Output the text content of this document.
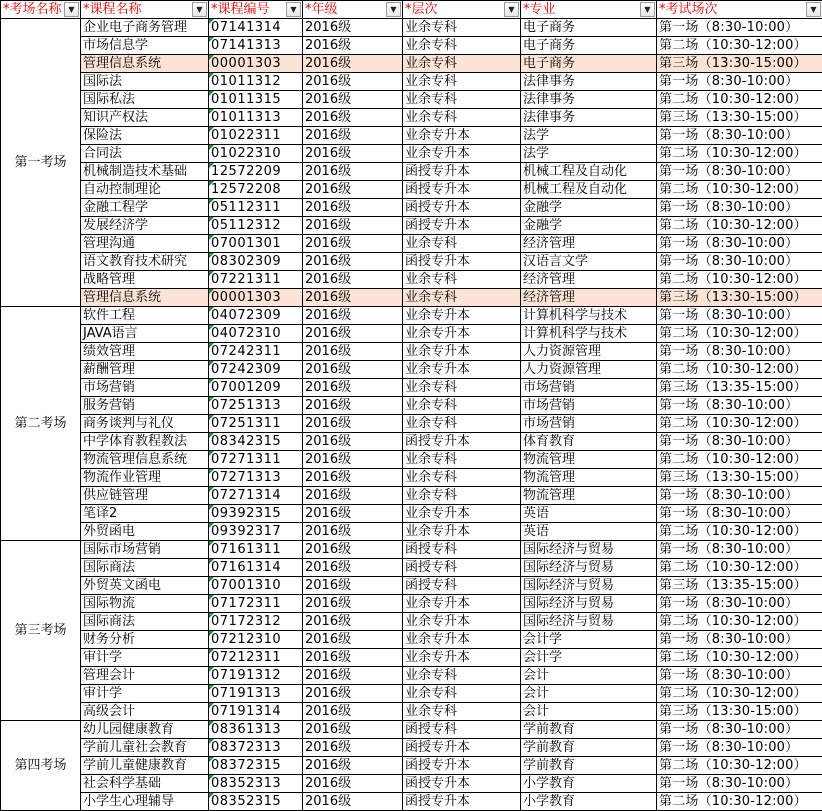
*考场名称 ▼	*课程名称 ▼	*课程编号 ▼	*年级 ▼	*层次 ▼	*专业 ▼	*考试场次 ▼

第一考场	企业电子商务管理	07141314	2016级	业余专科	电子商务	第一场（8:30-10:00）
	市场信息学	07141313	2016级	业余专科	电子商务	第二场（10:30-12:00）
	管理信息系统	00001303	2016级	业余专科	电子商务	第三场（13:30-15:00）
	国际法	01011312	2016级	业余专科	法律事务	第一场（8:30-10:00）
	国际私法	01011315	2016级	业余专科	法律事务	第二场（10:30-12:00）
	知识产权法	01011313	2016级	业余专科	法律事务	第三场（13:30-15:00）
	保险法	01022311	2016级	业余专升本	法学	第一场（8:30-10:00）
	合同法	01022310	2016级	业余专升本	法学	第二场（10:30-12:00）
	机械制造技术基础	12572209	2016级	函授专升本	机械工程及自动化	第一场（8:30-10:00）
	自动控制理论	12572208	2016级	函授专升本	机械工程及自动化	第二场（10:30-12:00）
	金融工程学	05112311	2016级	函授专升本	金融学	第一场（8:30-10:00）
	发展经济学	05112312	2016级	函授专升本	金融学	第二场（10:30-12:00）
	管理沟通	07001301	2016级	业余专科	经济管理	第一场（8:30-10:00）
	语文教育技术研究	08302309	2016级	函授专升本	汉语言文学	第一场（8:30-10:00）
	战略管理	07221311	2016级	业余专科	经济管理	第二场（10:30-12:00）
	管理信息系统	00001303	2016级	业余专科	经济管理	第三场（13:30-15:00）
第二考场	软件工程	04072309	2016级	业余专升本	计算机科学与技术	第一场（8:30-10:00）
	JAVA语言	04072310	2016级	业余专升本	计算机科学与技术	第二场（10:30-12:00）
	绩效管理	07242311	2016级	业余专升本	人力资源管理	第一场（8:30-10:00）
	薪酬管理	07242309	2016级	业余专升本	人力资源管理	第二场（10:30-12:00）
	市场营销	07001209	2016级	业余专科	市场营销	第三场（13:35-15:00）
	服务营销	07251313	2016级	业余专科	市场营销	第一场（8:30-10:00）
	商务谈判与礼仪	07251311	2016级	业余专科	市场营销	第二场（10:30-12:00）
	中学体育教程教法	08342315	2016级	函授专升本	体育教育	第一场（8:30-10:00）
	物流管理信息系统	07271311	2016级	业余专科	物流管理	第二场（10:30-12:00）
	物流作业管理	07271313	2016级	业余专科	物流管理	第三场（13:30-15:00）
	供应链管理	07271314	2016级	业余专科	物流管理	第一场（8:30-10:00）
	笔译2	09392315	2016级	业余专升本	英语	第一场（8:30-10:00）
	外贸函电	09392317	2016级	业余专升本	英语	第二场（10:30-12:00）
第三考场	国际市场营销	07161311	2016级	函授专科	国际经济与贸易	第一场（8:30-10:00）
	国际商法	07161314	2016级	函授专科	国际经济与贸易	第二场（10:30-12:00）
	外贸英文函电	07001310	2016级	函授专科	国际经济与贸易	第三场（13:35-15:00）
	国际物流	07172311	2016级	业余专升本	国际经济与贸易	第一场（8:30-10:00）
	国际商法	07172312	2016级	业余专升本	国际经济与贸易	第二场（10:30-12:00）
	财务分析	07212310	2016级	业余专升本	会计学	第一场（8:30-10:00）
	审计学	07212311	2016级	业余专升本	会计学	第二场（10:30-12:00）
	管理会计	07191312	2016级	业余专科	会计	第一场（8:30-10:00）
	审计学	07191313	2016级	业余专科	会计	第二场（10:30-12:00）
	高级会计	07191314	2016级	业余专科	会计	第三场（13:30-15:00）
第四考场	幼儿园健康教育	08361313	2016级	函授专科	学前教育	第一场（8:30-10:00）
	学前儿童社会教育	08372313	2016级	函授专升本	学前教育	第一场（8:30-10:00）
	学前儿童健康教育	08372315	2016级	函授专升本	学前教育	第二场（10:30-12:00）
	社会科学基础	08352313	2016级	函授专升本	小学教育	第一场（8:30-10:00）
	小学生心理辅导	08352315	2016级	函授专升本	小学教育	第二场（10:30-12:00）
